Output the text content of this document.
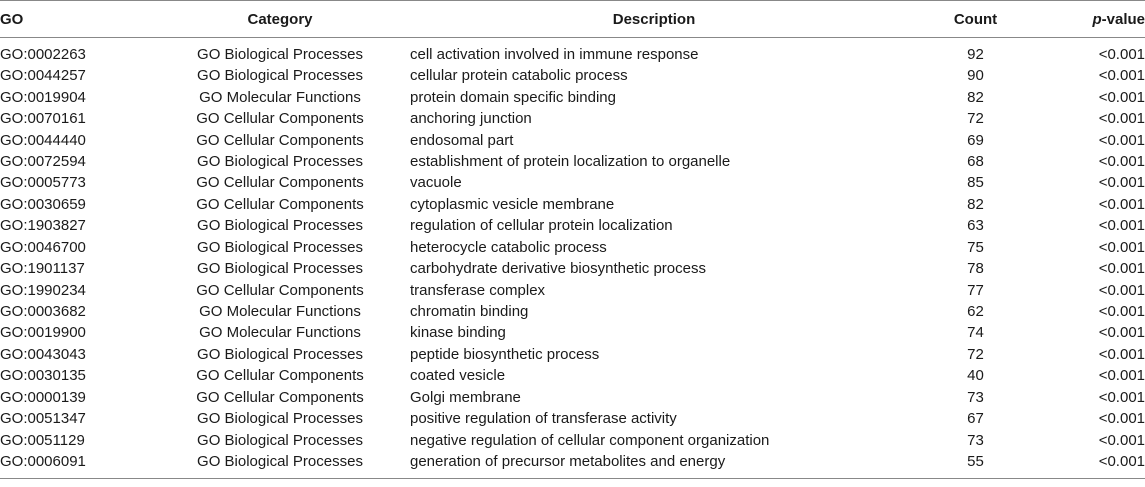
GO	Category	Description	Count	p-value
GO:0002263	GO Biological Processes	cell activation involved in immune response	92	<0.001
GO:0044257	GO Biological Processes	cellular protein catabolic process	90	<0.001
GO:0019904	GO Molecular Functions	protein domain specific binding	82	<0.001
GO:0070161	GO Cellular Components	anchoring junction	72	<0.001
GO:0044440	GO Cellular Components	endosomal part	69	<0.001
GO:0072594	GO Biological Processes	establishment of protein localization to organelle	68	<0.001
GO:0005773	GO Cellular Components	vacuole	85	<0.001
GO:0030659	GO Cellular Components	cytoplasmic vesicle membrane	82	<0.001
GO:1903827	GO Biological Processes	regulation of cellular protein localization	63	<0.001
GO:0046700	GO Biological Processes	heterocycle catabolic process	75	<0.001
GO:1901137	GO Biological Processes	carbohydrate derivative biosynthetic process	78	<0.001
GO:1990234	GO Cellular Components	transferase complex	77	<0.001
GO:0003682	GO Molecular Functions	chromatin binding	62	<0.001
GO:0019900	GO Molecular Functions	kinase binding	74	<0.001
GO:0043043	GO Biological Processes	peptide biosynthetic process	72	<0.001
GO:0030135	GO Cellular Components	coated vesicle	40	<0.001
GO:0000139	GO Cellular Components	Golgi membrane	73	<0.001
GO:0051347	GO Biological Processes	positive regulation of transferase activity	67	<0.001
GO:0051129	GO Biological Processes	negative regulation of cellular component organization	73	<0.001
GO:0006091	GO Biological Processes	generation of precursor metabolites and energy	55	<0.001
